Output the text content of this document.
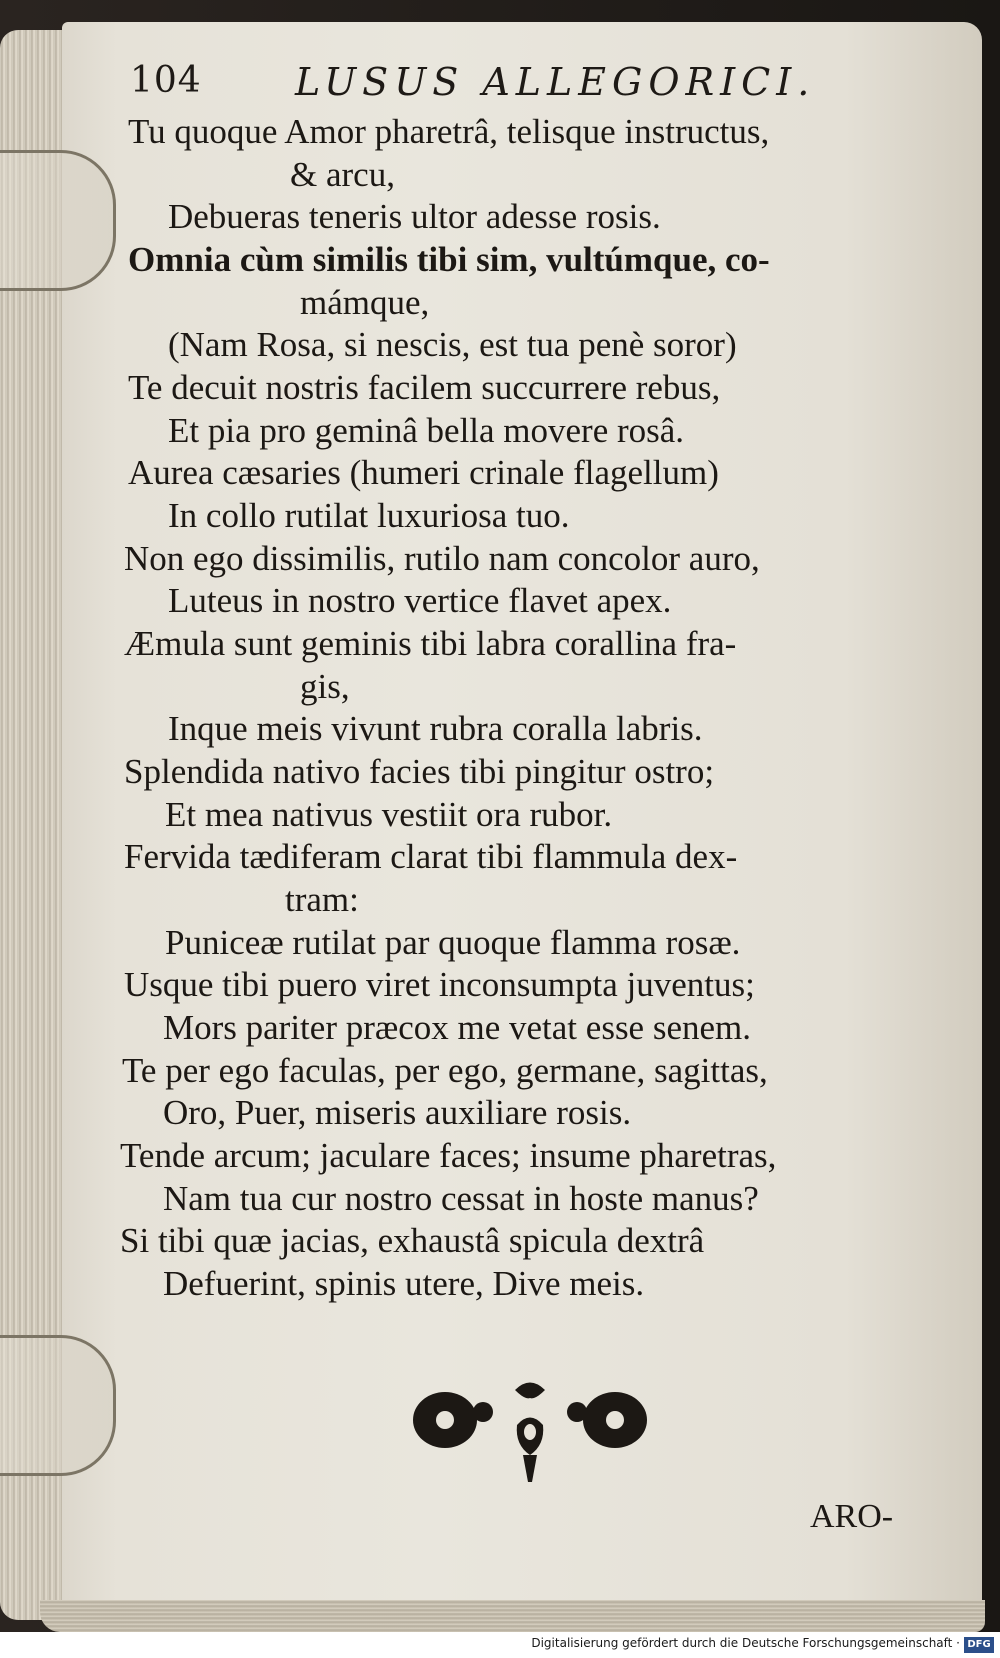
104 LUSUS ALLEGORICI.
Tu quoque Amor pharetrâ, telisque instructus,
& arcu,
Debueras teneris ultor adesse rosis.
Omnia cùm similis tibi sim, vultúmque, co-
mámque,
(Nam Rosa, si nescis, est tua penè soror)
Te decuit nostris facilem succurrere rebus,
Et pia pro geminâ bella movere rosâ.
Aurea cæsaries (humeri crinale flagellum)
In collo rutilat luxuriosa tuo.
Non ego dissimilis, rutilo nam concolor auro,
Luteus in nostro vertice flavet apex.
Æmula sunt geminis tibi labra corallina fra-
gis,
Inque meis vivunt rubra coralla labris.
Splendida nativo facies tibi pingitur ostro;
Et mea nativus vestiit ora rubor.
Fervida tædiferam clarat tibi flammula dex-
tram:
Puniceæ rutilat par quoque flamma rosæ.
Usque tibi puero viret inconsumpta juventus;
Mors pariter præcox me vetat esse senem.
Te per ego faculas, per ego, germane, sagittas,
Oro, Puer, miseris auxiliare rosis.
Tende arcum; jaculare faces; insume pharetras,
Nam tua cur nostro cessat in hoste manus?
Si tibi quæ jacias, exhaustâ spicula dextrâ
Defuerint, spinis utere, Dive meis.
ARO-
Digitalisierung gefördert durch die Deutsche Forschungsgemeinschaft · DFG
